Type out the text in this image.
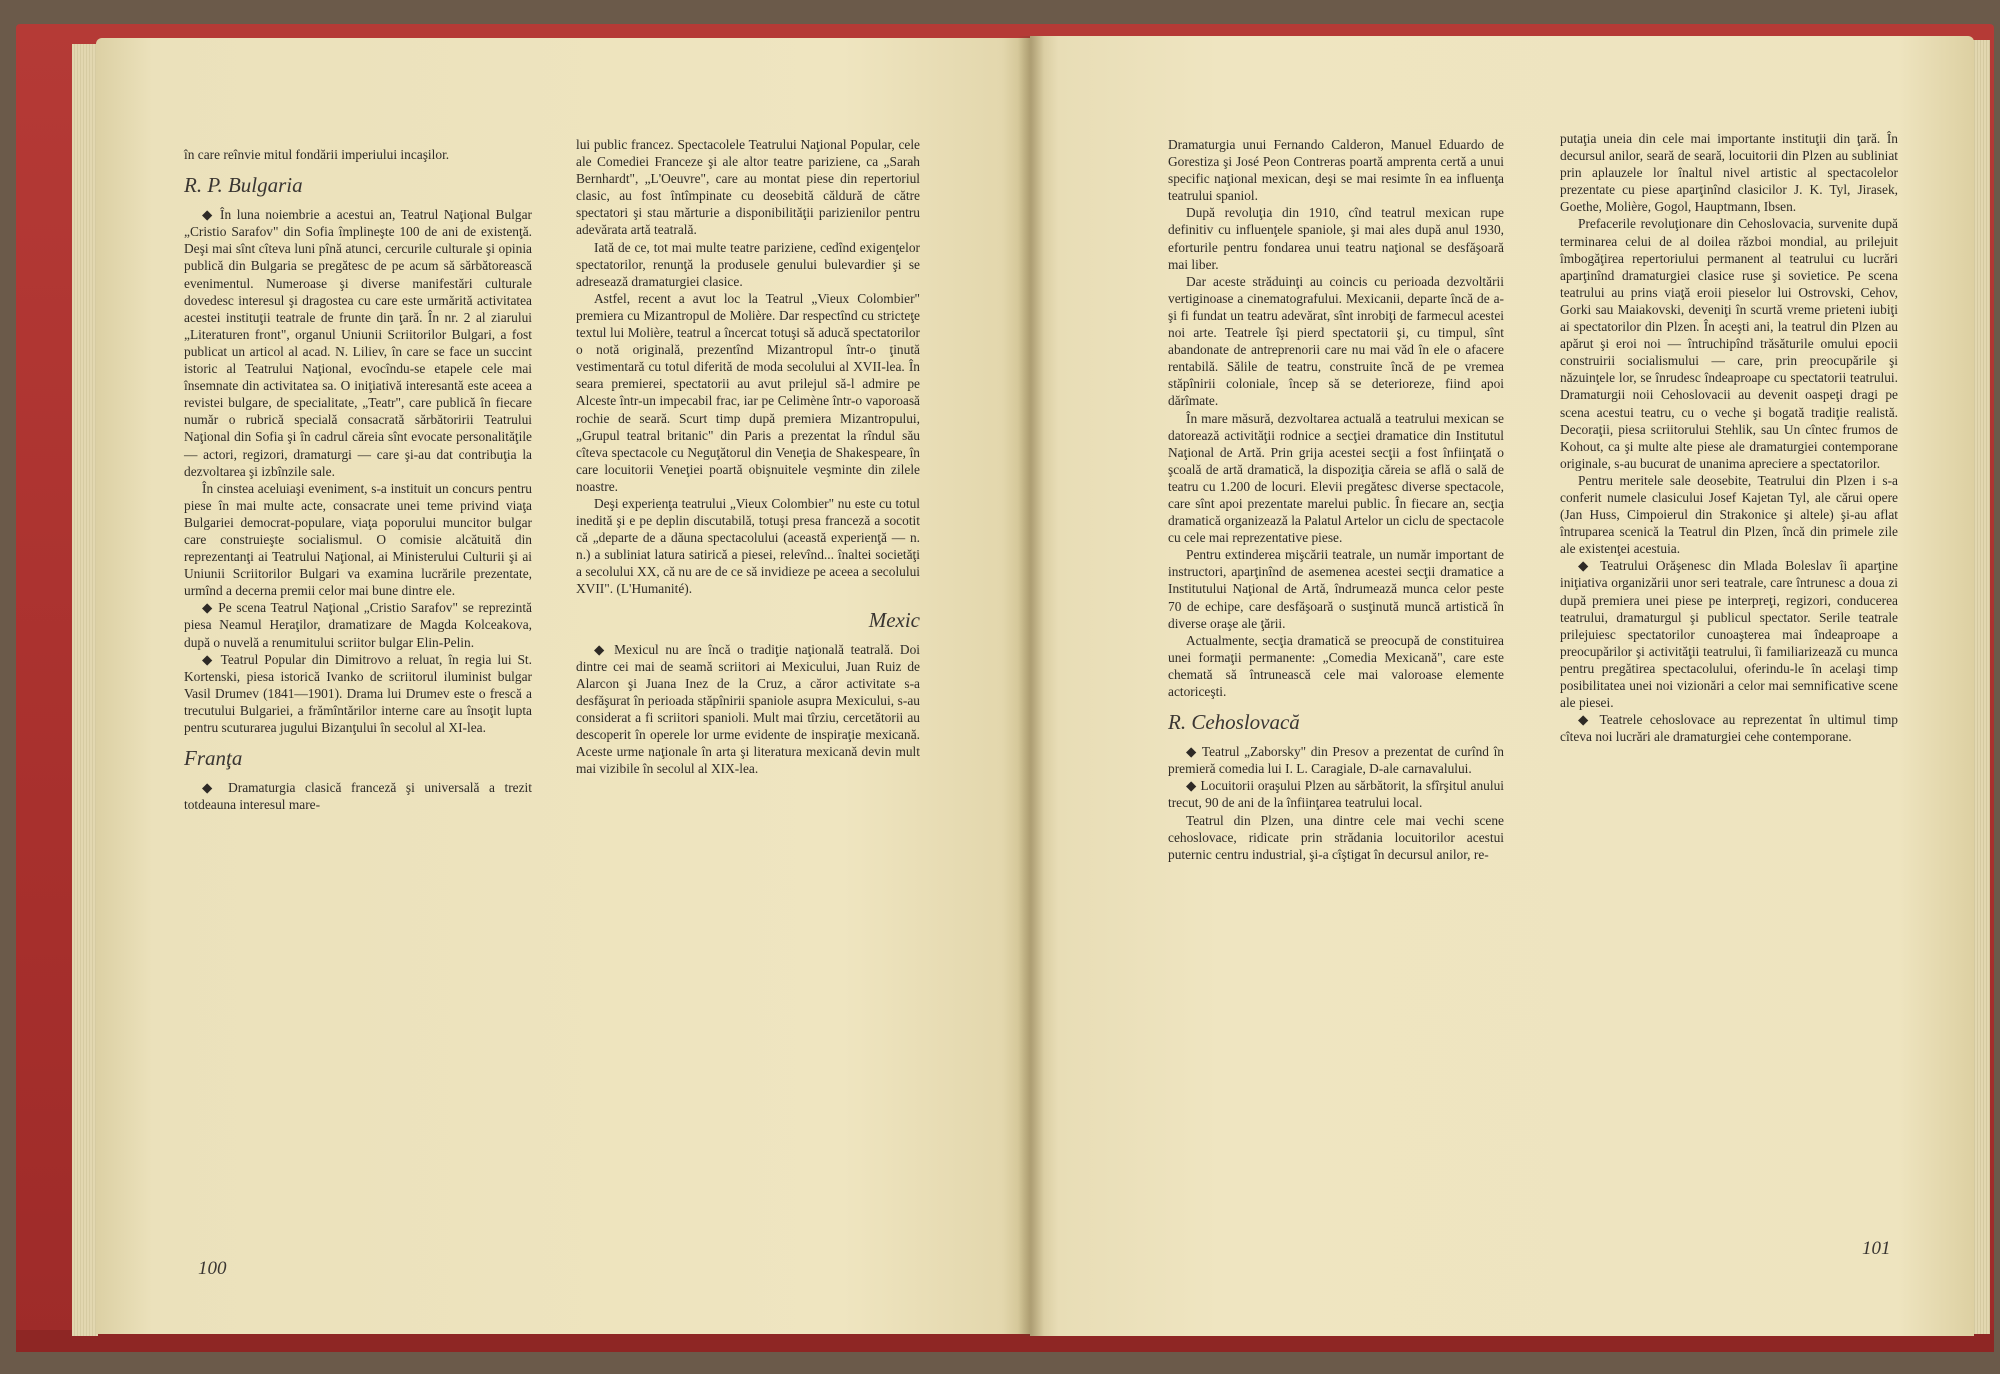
în care reînvie mitul fondării imperiului incaşilor.

R. P. Bulgaria

◆ În luna noiembrie a acestui an, Teatrul Naţional Bulgar „Cristio Sarafov" din Sofia împlineşte 100 de ani de existenţă. Deşi mai sînt cîteva luni pînă atunci, cercurile culturale şi opinia publică din Bulgaria se pregătesc de pe acum să sărbătorească evenimentul. Numeroase şi diverse manifestări culturale dovedesc interesul şi dragostea cu care este urmărită activitatea acestei instituţii teatrale de frunte din ţară. În nr. 2 al ziarului „Literaturen front", organul Uniunii Scriitorilor Bulgari, a fost publicat un articol al acad. N. Liliev, în care se face un succint istoric al Teatrului Naţional, evocîndu-se etapele cele mai însemnate din activitatea sa. O iniţiativă interesantă este aceea a revistei bulgare, de specialitate, „Teatr", care publică în fiecare număr o rubrică specială consacrată sărbătoririi Teatrului Naţional din Sofia şi în cadrul căreia sînt evocate personalităţile — actori, regizori, dramaturgi — care şi-au dat contribuţia la dezvoltarea şi izbînzile sale.

În cinstea aceluiaşi eveniment, s-a instituit un concurs pentru piese în mai multe acte, consacrate unei teme privind viaţa Bulgariei democrat-populare, viaţa poporului muncitor bulgar care construieşte socialismul. O comisie alcătuită din reprezentanţi ai Teatrului Naţional, ai Ministerului Culturii şi ai Uniunii Scriitorilor Bulgari va examina lucrările prezentate, urmînd a decerna premii celor mai bune dintre ele.

◆ Pe scena Teatrul Naţional „Cristio Sarafov" se reprezintă piesa Neamul Heraţilor, dramatizare de Magda Kolceakova, după o nuvelă a renumitului scriitor bulgar Elin-Pelin.

◆ Teatrul Popular din Dimitrovo a reluat, în regia lui St. Kortenski, piesa istorică Ivanko de scriitorul iluminist bulgar Vasil Drumev (1841—1901). Drama lui Drumev este o frescă a trecutului Bulgariei, a frămîntărilor interne care au însoţit lupta pentru scuturarea jugului Bizanţului în secolul al XI-lea.

Franţa

◆ Dramaturgia clasică franceză şi universală a trezit totdeauna interesul mare-

lui public francez. Spectacolele Teatrului Naţional Popular, cele ale Comediei Franceze şi ale altor teatre pariziene, ca „Sarah Bernhardt", „L'Oeuvre", care au montat piese din repertoriul clasic, au fost întîmpinate cu deosebită căldură de către spectatori şi stau mărturie a disponibilităţii parizienilor pentru adevărata artă teatrală.

Iată de ce, tot mai multe teatre pariziene, cedînd exigenţelor spectatorilor, renunţă la produsele genului bulevardier şi se adresează dramaturgiei clasice.

Astfel, recent a avut loc la Teatrul „Vieux Colombier" premiera cu Mizantropul de Molière. Dar respectînd cu stricteţe textul lui Molière, teatrul a încercat totuşi să aducă spectatorilor o notă originală, prezentînd Mizantropul într-o ţinută vestimentară cu totul diferită de moda secolului al XVII-lea. În seara premierei, spectatorii au avut prilejul să-l admire pe Alceste într-un impecabil frac, iar pe Celimène într-o vaporoasă rochie de seară. Scurt timp după premiera Mizantropului, „Grupul teatral britanic" din Paris a prezentat la rîndul său cîteva spectacole cu Neguţătorul din Veneţia de Shakespeare, în care locuitorii Veneţiei poartă obişnuitele veşminte din zilele noastre.

Deşi experienţa teatrului „Vieux Colombier" nu este cu totul inedită şi e pe deplin discutabilă, totuşi presa franceză a socotit că „departe de a dăuna spectacolului (această experienţă — n. n.) a subliniat latura satirică a piesei, relevînd... înaltei societăţi a secolului XX, că nu are de ce să invidieze pe aceea a secolului XVII". (L'Humanité).

Mexic

◆ Mexicul nu are încă o tradiţie naţională teatrală. Doi dintre cei mai de seamă scriitori ai Mexicului, Juan Ruiz de Alarcon şi Juana Inez de la Cruz, a căror activitate s-a desfăşurat în perioada stăpînirii spaniole asupra Mexicului, s-au considerat a fi scriitori spanioli. Mult mai tîrziu, cercetătorii au descoperit în operele lor urme evidente de inspiraţie mexicană. Aceste urme naţionale în arta şi literatura mexicană devin mult mai vizibile în secolul al XIX-lea.

100

Dramaturgia unui Fernando Calderon, Manuel Eduardo de Gorestiza şi José Peon Contreras poartă amprenta certă a unui specific naţional mexican, deşi se mai resimte în ea influenţa teatrului spaniol.

După revoluţia din 1910, cînd teatrul mexican rupe definitiv cu influenţele spaniole, şi mai ales după anul 1930, eforturile pentru fondarea unui teatru naţional se desfăşoară mai liber.

Dar aceste străduinţi au coincis cu perioada dezvoltării vertiginoase a cinematografului. Mexicanii, departe încă de a-şi fi fundat un teatru adevărat, sînt inrobiţi de farmecul acestei noi arte. Teatrele îşi pierd spectatorii şi, cu timpul, sînt abandonate de antreprenorii care nu mai văd în ele o afacere rentabilă. Sălile de teatru, construite încă de pe vremea stăpînirii coloniale, încep să se deterioreze, fiind apoi dărîmate.

În mare măsură, dezvoltarea actuală a teatrului mexican se datorează activităţii rodnice a secţiei dramatice din Institutul Naţional de Artă. Prin grija acestei secţii a fost înfiinţată o şcoală de artă dramatică, la dispoziţia căreia se află o sală de teatru cu 1.200 de locuri. Elevii pregătesc diverse spectacole, care sînt apoi prezentate marelui public. În fiecare an, secţia dramatică organizează la Palatul Artelor un ciclu de spectacole cu cele mai reprezentative piese.

Pentru extinderea mişcării teatrale, un număr important de instructori, aparţinînd de asemenea acestei secţii dramatice a Institutului Naţional de Artă, îndrumează munca celor peste 70 de echipe, care desfăşoară o susţinută muncă artistică în diverse oraşe ale ţării.

Actualmente, secţia dramatică se preocupă de constituirea unei formaţii permanente: „Comedia Mexicană", care este chemată să întrunească cele mai valoroase elemente actoriceşti.

R. Cehoslovacă

◆ Teatrul „Zaborsky" din Presov a prezentat de curînd în premieră comedia lui I. L. Caragiale, D-ale carnavalului.

◆ Locuitorii oraşului Plzen au sărbătorit, la sfîrşitul anului trecut, 90 de ani de la înfiinţarea teatrului local.

Teatrul din Plzen, una dintre cele mai vechi scene cehoslovace, ridicate prin strădania locuitorilor acestui puternic centru industrial, şi-a cîştigat în decursul anilor, re-

putaţia uneia din cele mai importante instituţii din ţară. În decursul anilor, seară de seară, locuitorii din Plzen au subliniat prin aplauzele lor înaltul nivel artistic al spectacolelor prezentate cu piese aparţinînd clasicilor J. K. Tyl, Jirasek, Goethe, Molière, Gogol, Hauptmann, Ibsen.

Prefacerile revoluţionare din Cehoslovacia, survenite după terminarea celui de al doilea război mondial, au prilejuit îmbogăţirea repertoriului permanent al teatrului cu lucrări aparţinînd dramaturgiei clasice ruse şi sovietice. Pe scena teatrului au prins viaţă eroii pieselor lui Ostrovski, Cehov, Gorki sau Maiakovski, deveniţi în scurtă vreme prieteni iubiţi ai spectatorilor din Plzen. În aceşti ani, la teatrul din Plzen au apărut şi eroi noi — întruchipînd trăsăturile omului epocii construirii socialismului — care, prin preocupările şi năzuinţele lor, se înrudesc îndeaproape cu spectatorii teatrului. Dramaturgii noii Cehoslovacii au devenit oaspeţi dragi pe scena acestui teatru, cu o veche şi bogată tradiţie realistă. Decoraţii, piesa scriitorului Stehlik, sau Un cîntec frumos de Kohout, ca şi multe alte piese ale dramaturgiei contemporane originale, s-au bucurat de unanima apreciere a spectatorilor.

Pentru meritele sale deosebite, Teatrului din Plzen i s-a conferit numele clasicului Josef Kajetan Tyl, ale cărui opere (Jan Huss, Cimpoierul din Strakonice şi altele) şi-au aflat întruparea scenică la Teatrul din Plzen, încă din primele zile ale existenţei acestuia.

◆ Teatrului Orăşenesc din Mlada Boleslav îi aparţine iniţiativa organizării unor seri teatrale, care întrunesc a doua zi după premiera unei piese pe interpreţi, regizori, conducerea teatrului, dramaturgul şi publicul spectator. Serile teatrale prilejuiesc spectatorilor cunoaşterea mai îndeaproape a preocupărilor şi activităţii teatrului, îi familiarizează cu munca pentru pregătirea spectacolului, oferindu-le în acelaşi timp posibilitatea unei noi vizionări a celor mai semnificative scene ale piesei.

◆ Teatrele cehoslovace au reprezentat în ultimul timp cîteva noi lucrări ale dramaturgiei cehe contemporane.

101
